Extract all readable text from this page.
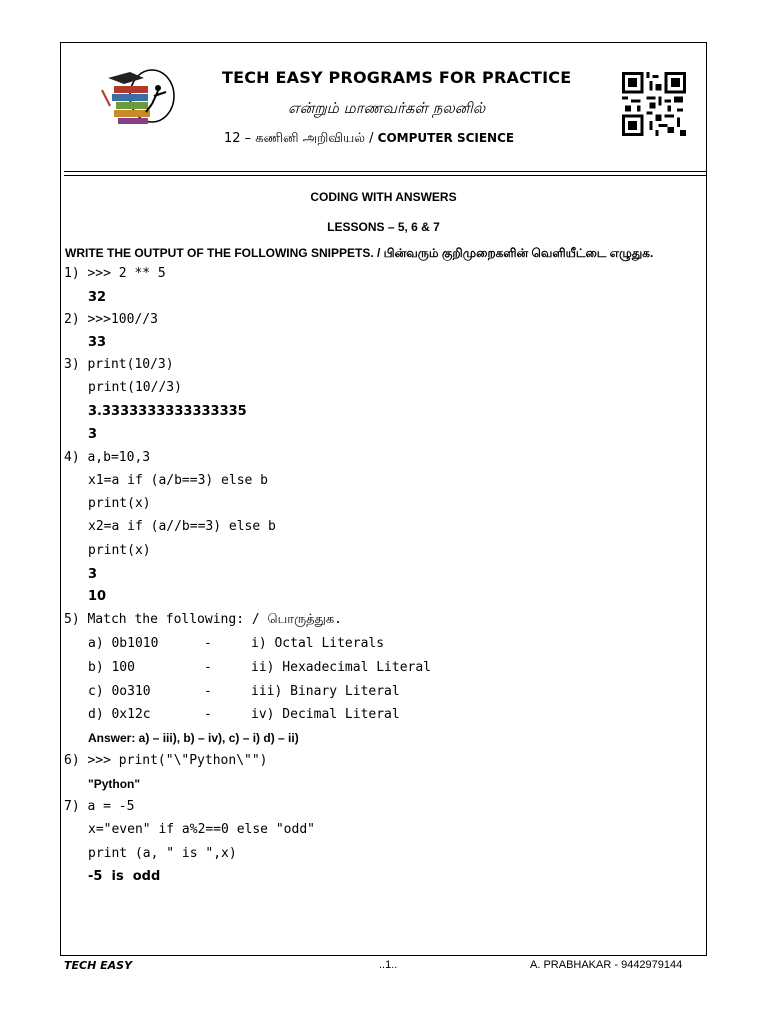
TECH EASY PROGRAMS FOR PRACTICE
என்றும் மாணவர்கள் நலனில்
12 – கணினி அறிவியல் / COMPUTER SCIENCE
CODING WITH ANSWERS
LESSONS – 5, 6 & 7
WRITE THE OUTPUT OF THE FOLLOWING SNIPPETS. / பின்வரும் குறிமுறைகளின் வெளியீட்டை எழுதுக.
1) >>> 2 ** 5
32
2) >>>100//3
33
3) print(10/3)
print(10//3)
3.3333333333333335
3
4) a,b=10,3
x1=a if (a/b==3) else b
print(x)
x2=a if (a//b==3) else b
print(x)
3
10
5) Match the following: / பொருத்துக.
a) 0b1010	-	i) Octal Literals
b) 100	-	ii) Hexadecimal Literal
c) 0o310	-	iii) Binary Literal
d) 0x12c	-	iv) Decimal Literal
Answer: a) – iii), b) – iv), c) – i) d) – ii)
6) >>> print("\"Python\"")
"Python"
7) a = -5
x="even" if a%2==0 else "odd"
print (a, " is ",x)
-5  is  odd
TECH EASY	..1..	A. PRABHAKAR - 9442979144
